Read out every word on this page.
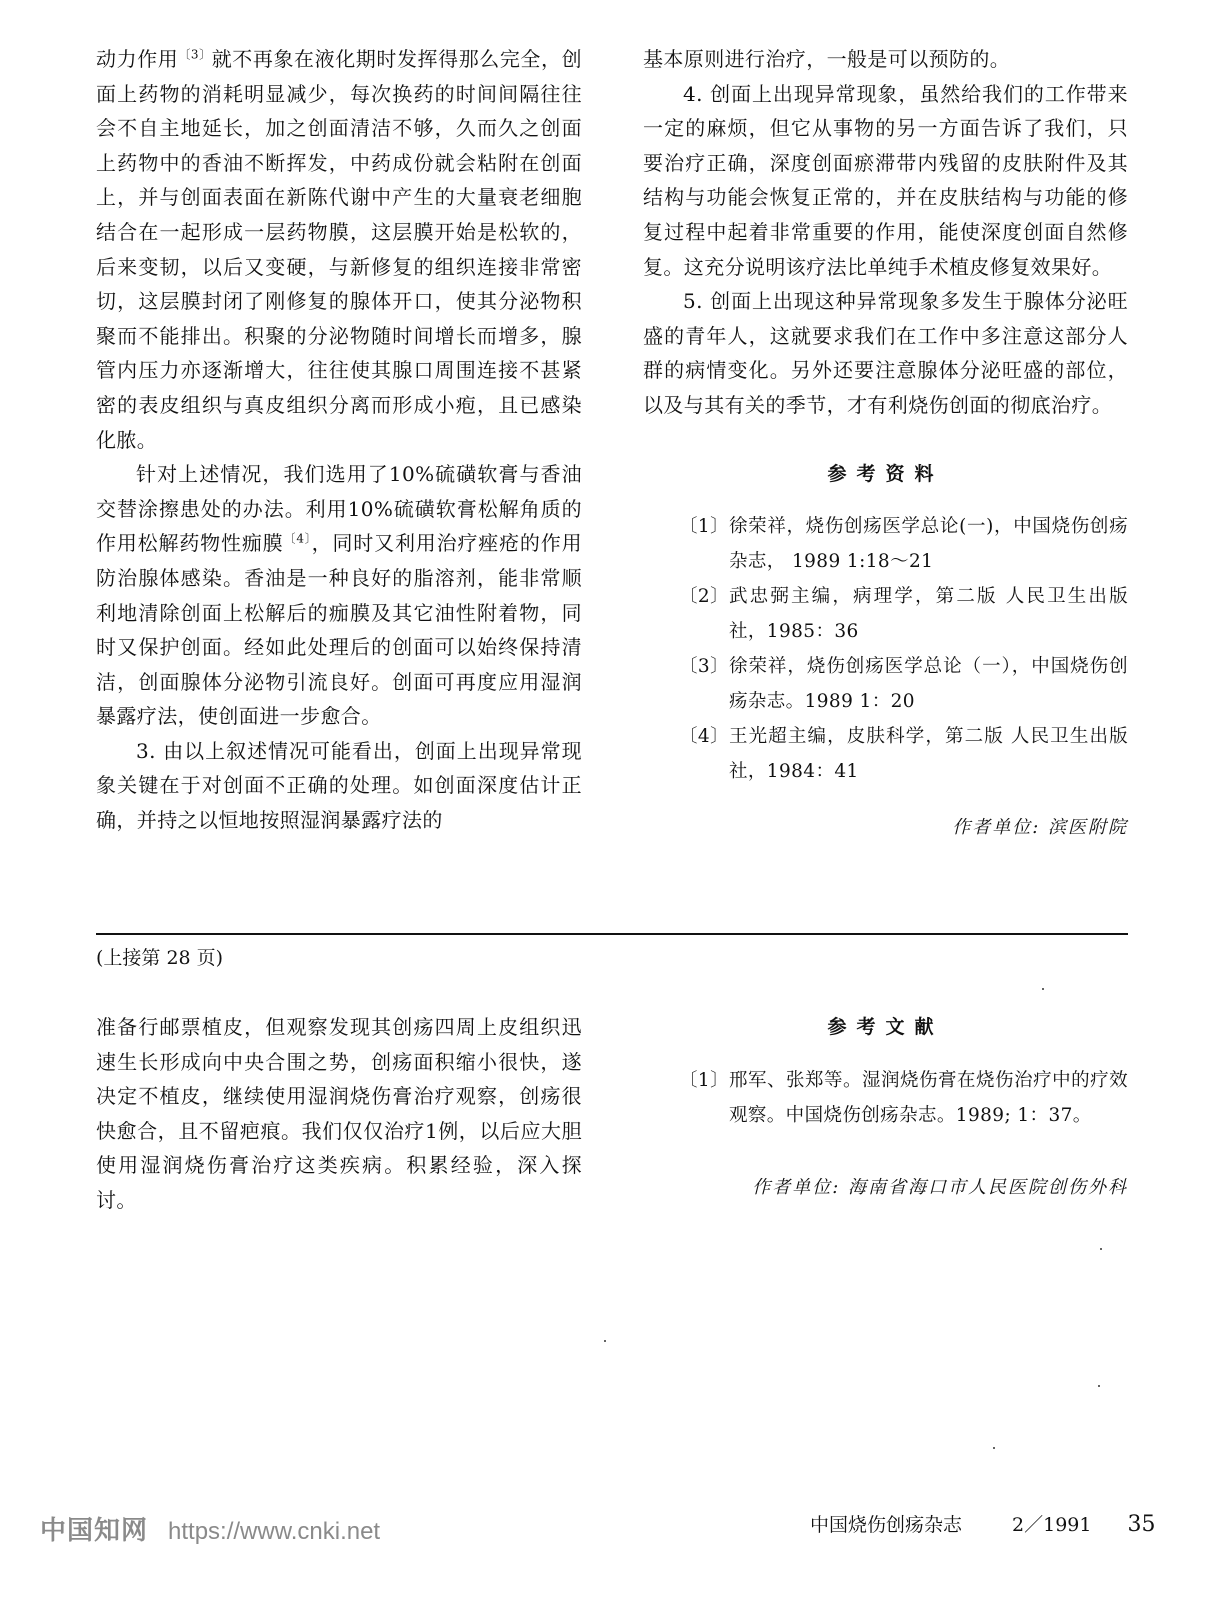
动力作用$^{〔3〕}$就不再象在液化期时发挥得那么完全，创面上药物的消耗明显减少，每次换药的时间间隔往往会不自主地延长，加之创面清洁不够，久而久之创面上药物中的香油不断挥发，中药成份就会粘附在创面上，并与创面表面在新陈代谢中产生的大量衰老细胞结合在一起形成一层药物膜，这层膜开始是松软的，后来变韧，以后又变硬，与新修复的组织连接非常密切，这层膜封闭了刚修复的腺体开口，使其分泌物积聚而不能排出。积聚的分泌物随时间增长而增多，腺管内压力亦逐渐增大，往往使其腺口周围连接不甚紧密的表皮组织与真皮组织分离而形成小疱，且已感染化脓。

针对上述情况，我们选用了10%硫磺软膏与香油交替涂擦患处的办法。利用10%硫磺软膏松解角质的作用松解药物性痂膜$^{〔4〕}$，同时又利用治疗痤疮的作用防治腺体感染。香油是一种良好的脂溶剂，能非常顺利地清除创面上松解后的痂膜及其它油性附着物，同时又保护创面。经如此处理后的创面可以始终保持清洁，创面腺体分泌物引流良好。创面可再度应用湿润暴露疗法，使创面进一步愈合。

3. 由以上叙述情况可能看出，创面上出现异常现象关键在于对创面不正确的处理。如创面深度估计正确，并持之以恒地按照湿润暴露疗法的

基本原则进行治疗，一般是可以预防的。

4. 创面上出现异常现象，虽然给我们的工作带来一定的麻烦，但它从事物的另一方面告诉了我们，只要治疗正确，深度创面瘀滞带内残留的皮肤附件及其结构与功能会恢复正常的，并在皮肤结构与功能的修复过程中起着非常重要的作用，能使深度创面自然修复。这充分说明该疗法比单纯手术植皮修复效果好。

5. 创面上出现这种异常现象多发生于腺体分泌旺盛的青年人，这就要求我们在工作中多注意这部分人群的病情变化。另外还要注意腺体分泌旺盛的部位，以及与其有关的季节，才有利烧伤创面的彻底治疗。

参考资料

〔1〕 徐荣祥，烧伤创疡医学总论(一)，中国烧伤创疡杂志， 1989 1:18～21
〔2〕 武忠弼主编，病理学，第二版 人民卫生出版社，1985：36
〔3〕 徐荣祥，烧伤创疡医学总论（一），中国烧伤创疡杂志。1989 1：20
〔4〕 王光超主编，皮肤科学，第二版 人民卫生出版社，1984：41

作者单位: 滨医附院

(上接第 28 页)

准备行邮票植皮，但观察发现其创疡四周上皮组织迅速生长形成向中央合围之势，创疡面积缩小很快，遂决定不植皮，继续使用湿润烧伤膏治疗观察，创疡很快愈合，且不留疤痕。我们仅仅治疗1例，以后应大胆使用湿润烧伤膏治疗这类疾病。积累经验，深入探讨。

参考文献

〔1〕 邢军、张郑等。湿润烧伤膏在烧伤治疗中的疗效观察。中国烧伤创疡杂志。1989; 1：37。

作者单位: 海南省海口市人民医院创伤外科

中国知网 https://www.cnki.net	中国烧伤创疡杂志	2／1991 35
